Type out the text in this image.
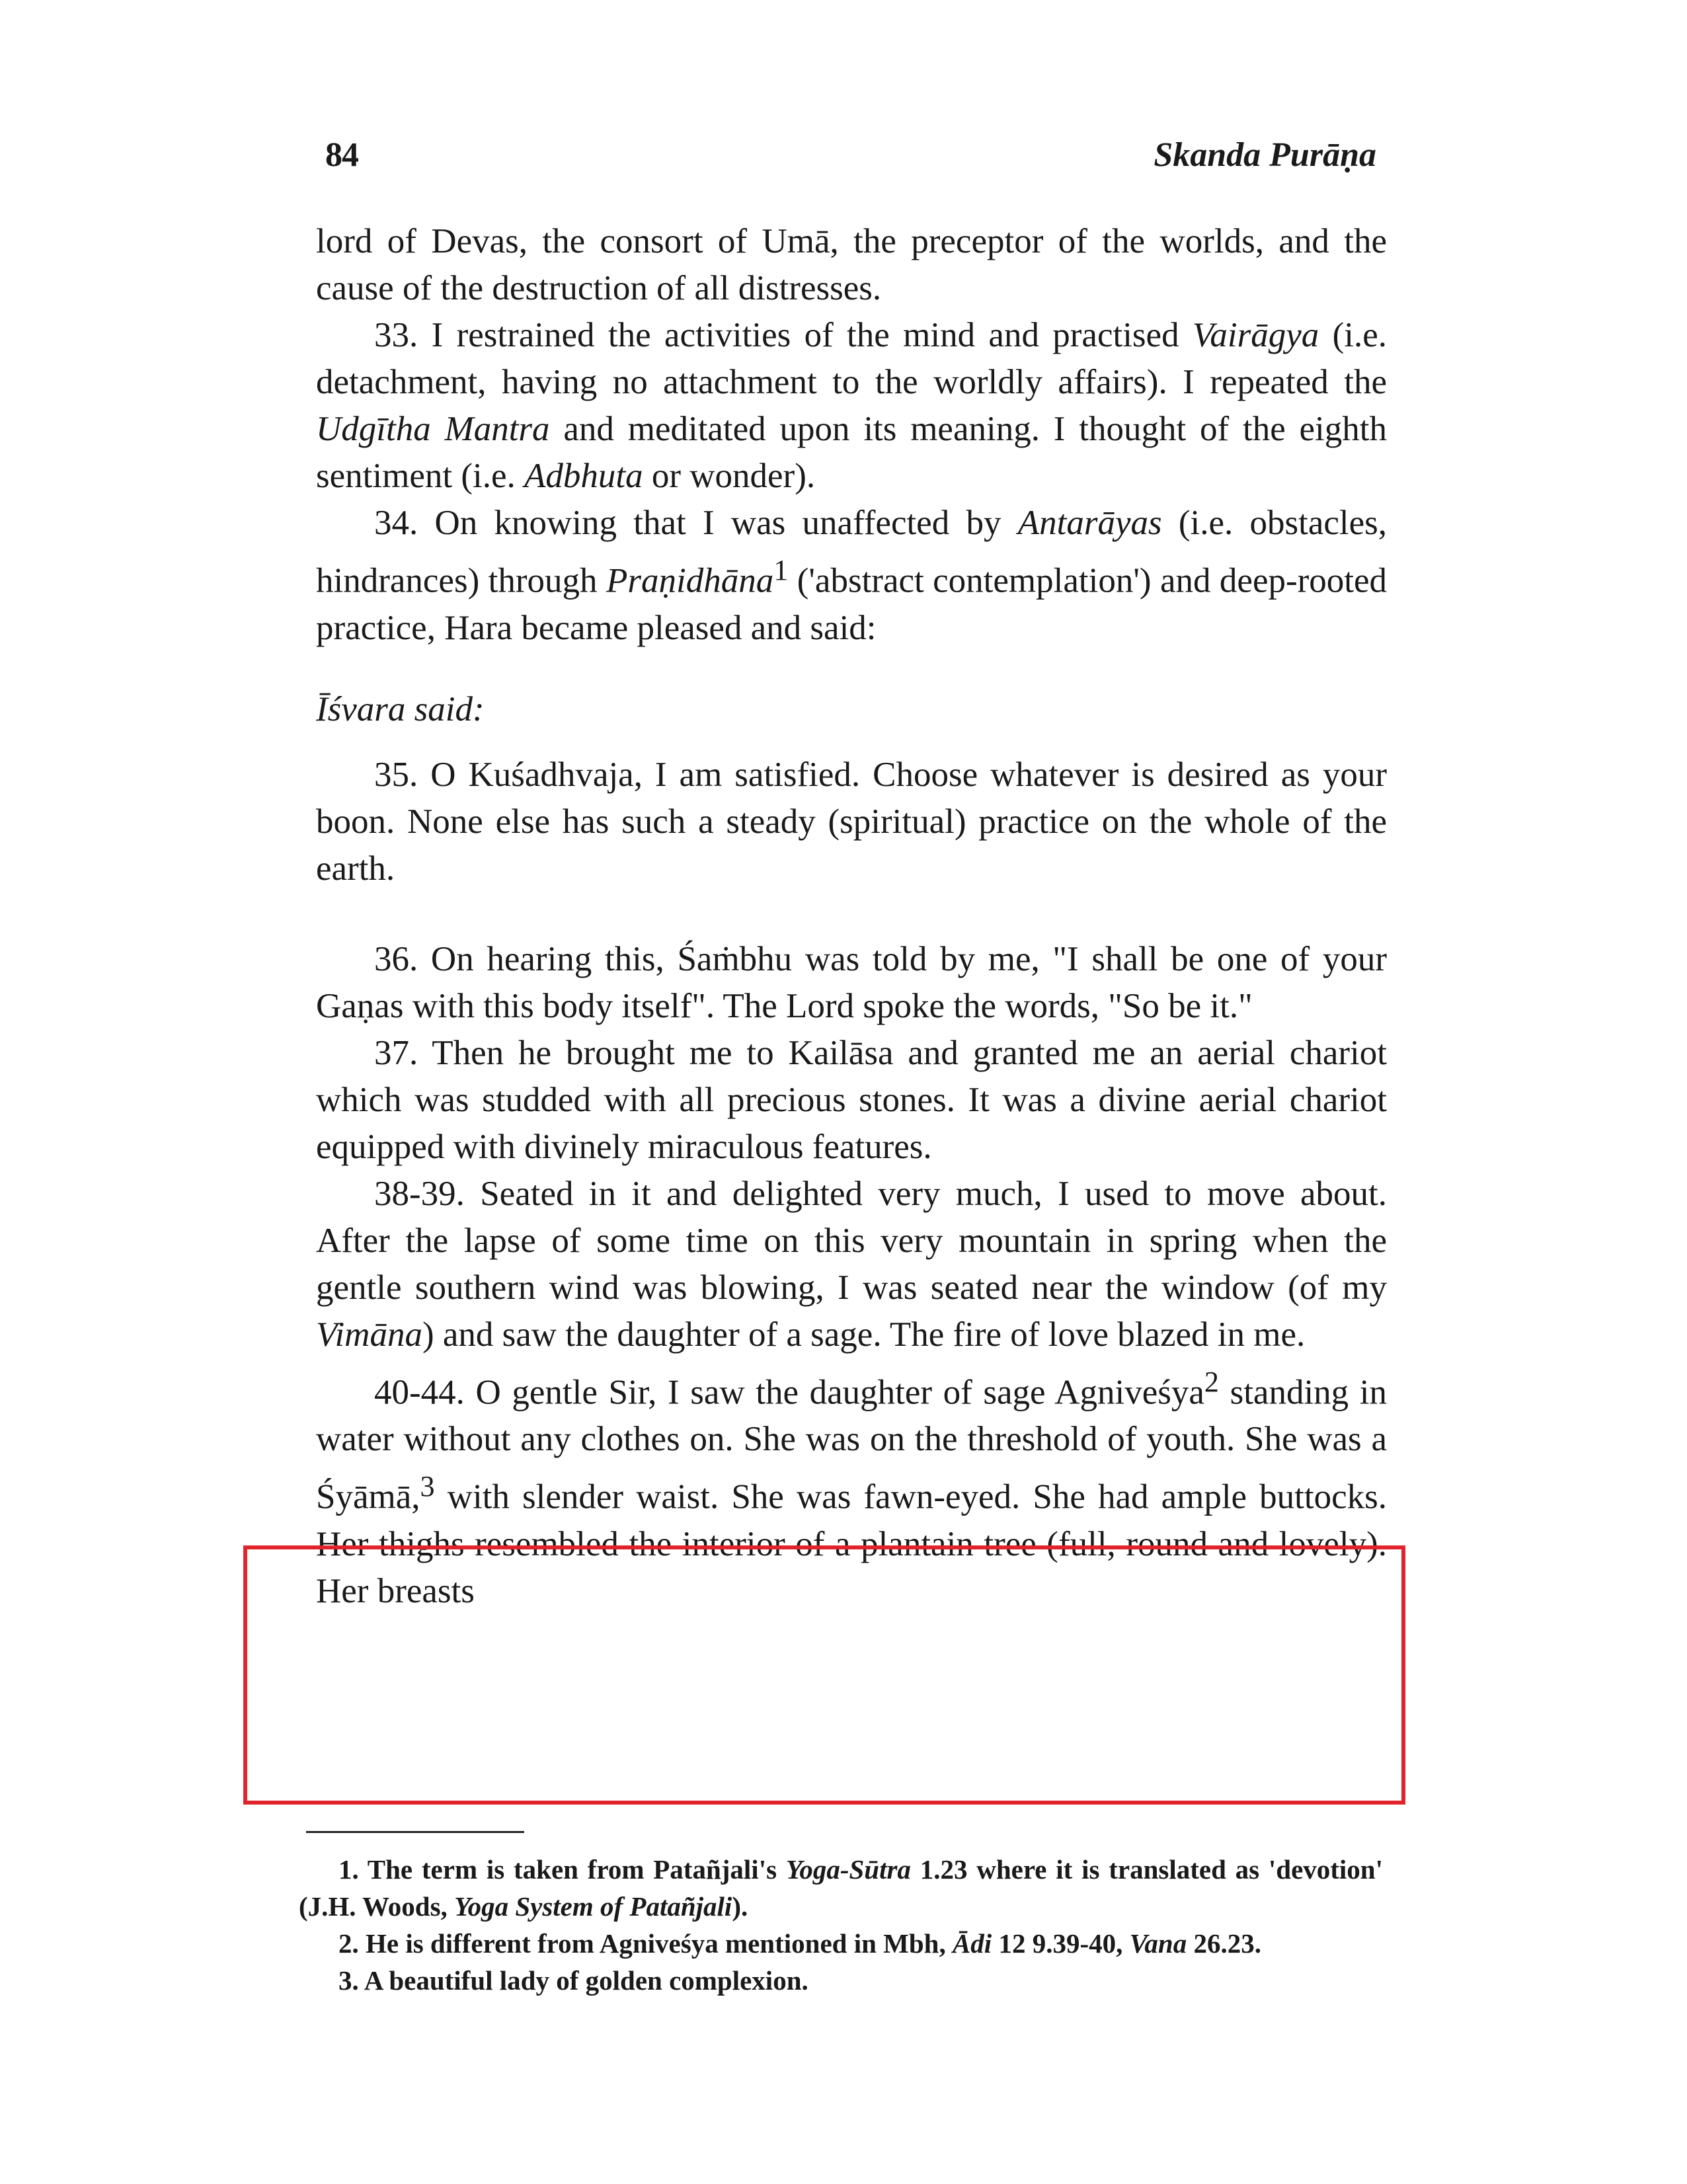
84	Skanda Purāṇa

lord of Devas, the consort of Umā, the preceptor of the worlds, and the cause of the destruction of all distresses.

33. I restrained the activities of the mind and practised Vairāgya (i.e. detachment, having no attachment to the worldly affairs). I repeated the Udgītha Mantra and meditated upon its meaning. I thought of the eighth sentiment (i.e. Adbhuta or wonder).

34. On knowing that I was unaffected by Antarāyas (i.e. obstacles, hindrances) through Praṇidhāna$^1$ ('abstract contemplation') and deep-rooted practice, Hara became pleased and said:

Īśvara said:

35. O Kuśadhvaja, I am satisfied. Choose whatever is desired as your boon. None else has such a steady (spiritual) practice on the whole of the earth.

36. On hearing this, Śaṁbhu was told by me, "I shall be one of your Gaṇas with this body itself". The Lord spoke the words, "So be it."

37. Then he brought me to Kailāsa and granted me an aerial chariot which was studded with all precious stones. It was a divine aerial chariot equipped with divinely miraculous features.

38-39. Seated in it and delighted very much, I used to move about. After the lapse of some time on this very mountain in spring when the gentle southern wind was blowing, I was seated near the window (of my Vimāna) and saw the daughter of a sage. The fire of love blazed in me.

40-44. O gentle Sir, I saw the daughter of sage Agniveśya$^2$ standing in water without any clothes on. She was on the threshold of youth. She was a Śyāmā,$^3$ with slender waist. She was fawn-eyed. She had ample buttocks. Her thighs resembled the interior of a plantain tree (full, round and lovely). Her breasts

1. The term is taken from Patañjali's Yoga-Sūtra 1.23 where it is translated as 'devotion' (J.H. Woods, Yoga System of Patañjali).

2. He is different from Agniveśya mentioned in Mbh, Ādi 12 9.39-40, Vana 26.23.

3. A beautiful lady of golden complexion.
